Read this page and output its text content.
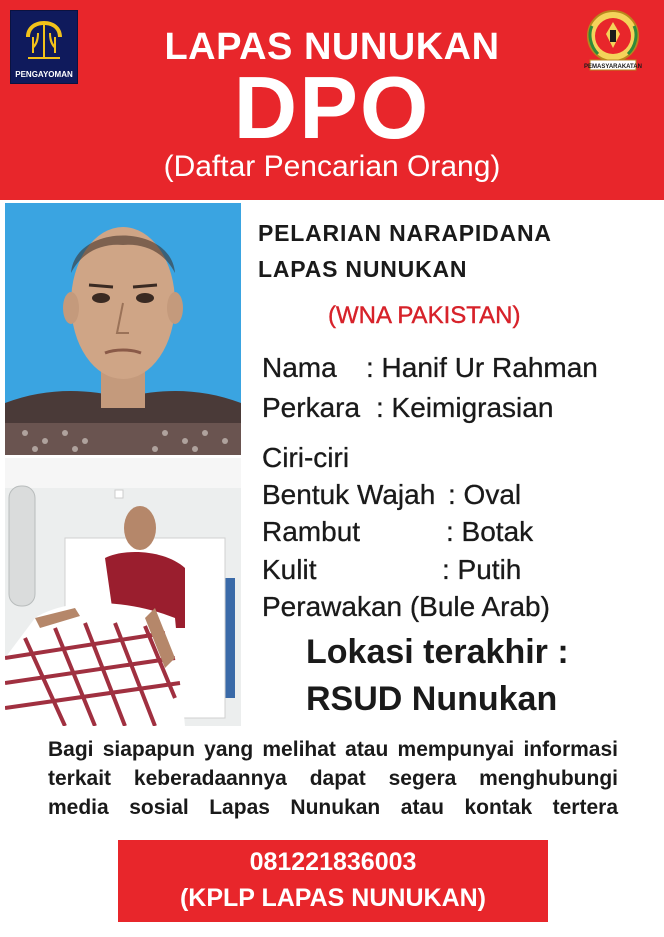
PENGAYOMAN
LAPAS NUNUKAN
DPO
(Daftar Pencarian Orang)
PEMASYARAKATAN
PELARIAN NARAPIDANA
LAPAS NUNUKAN
(WNA PAKISTAN)
Nama : Hanif Ur Rahman
Perkara : Keimigrasian
Ciri-ciri
Bentuk Wajah : Oval
Rambut	: Botak
Kulit	: Putih
Perawakan (Bule Arab)
Lokasi terakhir :
RSUD Nunukan
Bagi siapapun yang melihat atau mempunyai informasi
terkait keberadaannya dapat segera menghubungi
media sosial Lapas Nunukan atau kontak tertera
081221836003
(KPLP LAPAS NUNUKAN)
